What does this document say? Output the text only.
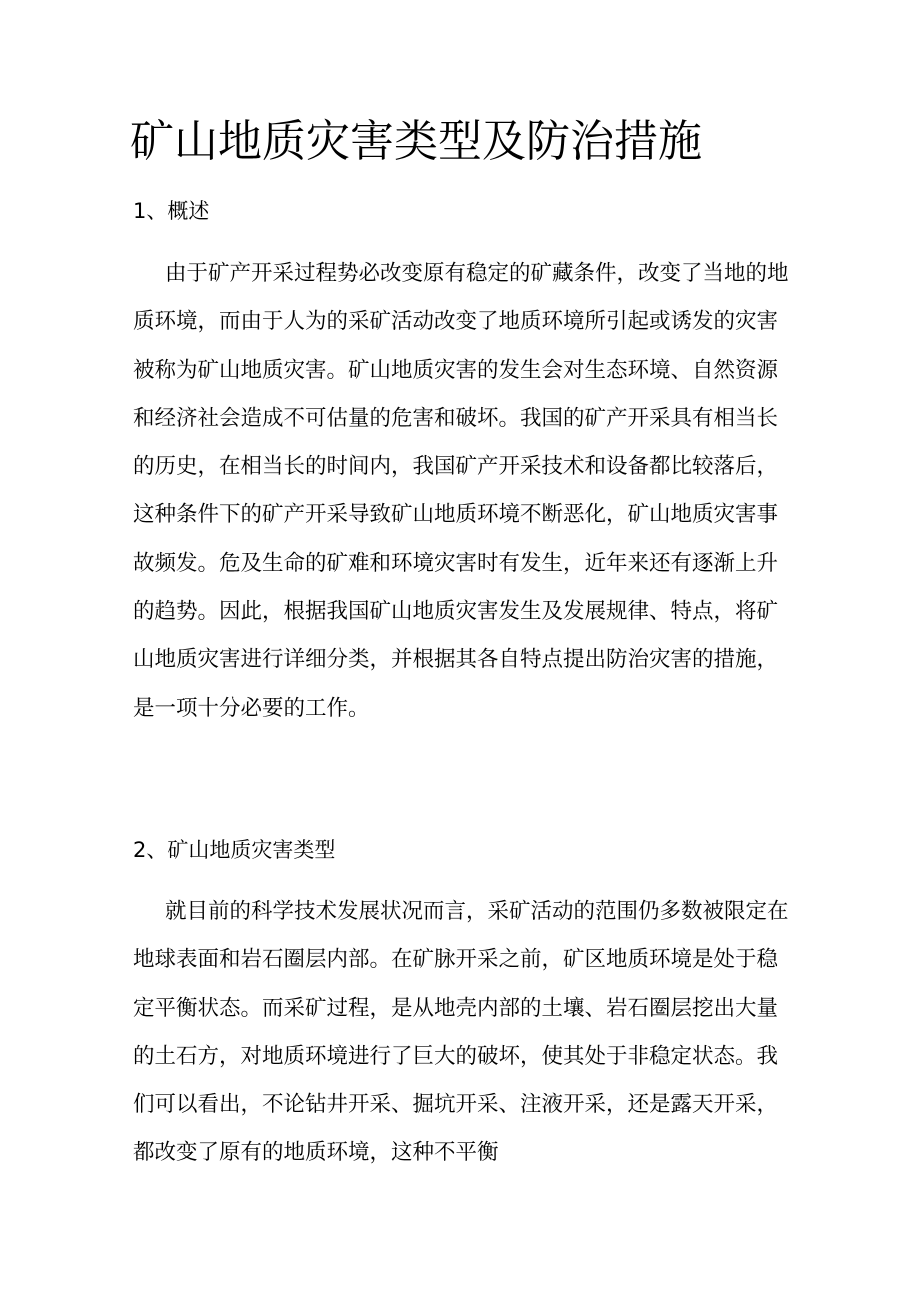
矿山地质灾害类型及防治措施
1、概述
由于矿产开采过程势必改变原有稳定的矿藏条件，改变了当地的地
质环境，而由于人为的采矿活动改变了地质环境所引起或诱发的灾害
被称为矿山地质灾害。矿山地质灾害的发生会对生态环境、自然资源
和经济社会造成不可估量的危害和破坏。我国的矿产开采具有相当长
的历史，在相当长的时间内，我国矿产开采技术和设备都比较落后，
这种条件下的矿产开采导致矿山地质环境不断恶化，矿山地质灾害事
故频发。危及生命的矿难和环境灾害时有发生，近年来还有逐渐上升
的趋势。因此，根据我国矿山地质灾害发生及发展规律、特点，将矿
山地质灾害进行详细分类，并根据其各自特点提出防治灾害的措施，
是一项十分必要的工作。
2、矿山地质灾害类型
就目前的科学技术发展状况而言，采矿活动的范围仍多数被限定在
地球表面和岩石圈层内部。在矿脉开采之前，矿区地质环境是处于稳
定平衡状态。而采矿过程，是从地壳内部的土壤、岩石圈层挖出大量
的土石方，对地质环境进行了巨大的破坏，使其处于非稳定状态。我
们可以看出，不论钻井开采、掘坑开采、注液开采，还是露天开采，
都改变了原有的地质环境，这种不平衡
